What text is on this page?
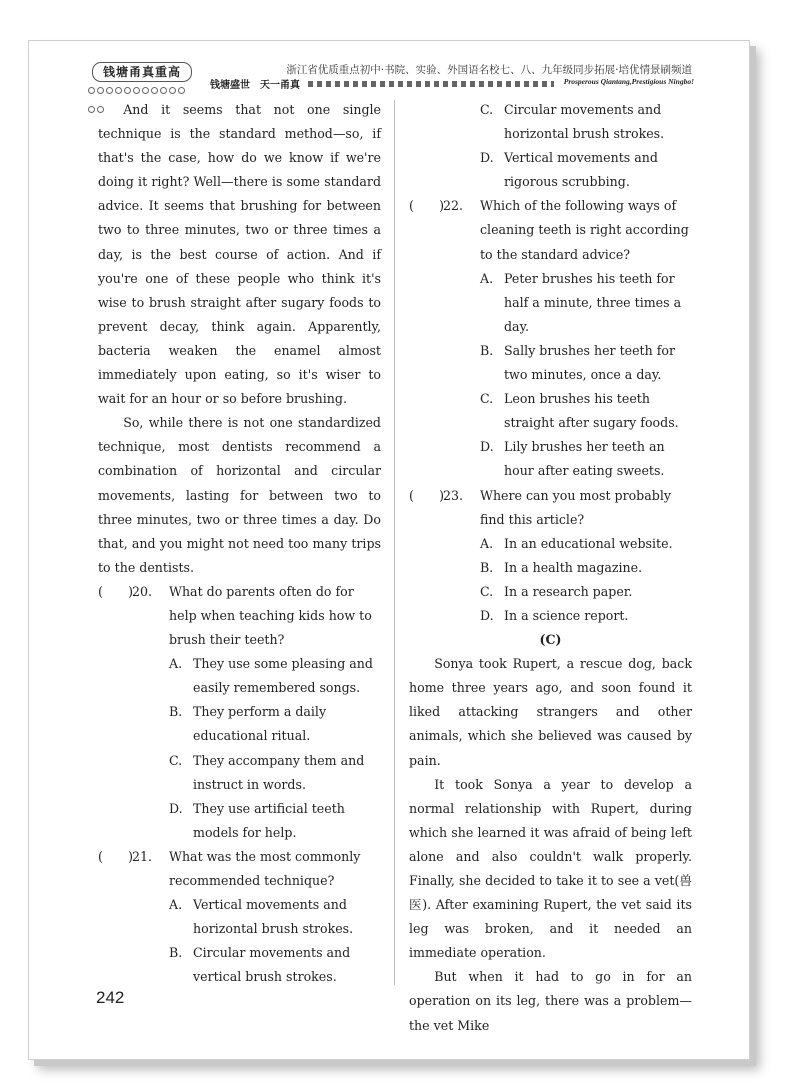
钱塘甬真重高	浙江省优质重点初中·书院、实验、外国语名校七、八、九年级同步拓展·培优情景刷频道
钱塘盛世　天一甬真	Prosperous Qiantang,Prestigious Ningbo!

And it seems that not one single technique is the standard method—so, if that's the case, how do we know if we're doing it right? Well—there is some standard advice. It seems that brushing for between two to three minutes, two or three times a day, is the best course of action. And if you're one of these people who think it's wise to brush straight after sugary foods to prevent decay, think again. Apparently, bacteria weaken the enamel almost immediately upon eating, so it's wiser to wait for an hour or so before brushing.

So, while there is not one standardized technique, most dentists recommend a combination of horizontal and circular movements, lasting for between two to three minutes, two or three times a day. Do that, and you might not need too many trips to the dentists.

(　　)
20. What do parents often do for help when teaching kids how to brush their teeth?

A. They use some pleasing and easily remembered songs.

B. They perform a daily educational ritual.

C. They accompany them and instruct in words.

D. They use artificial teeth models for help.

(　　)
21. What was the most commonly recommended technique?

A. Vertical movements and horizontal brush strokes.

B. Circular movements and vertical brush strokes.

C. Circular movements and horizontal brush strokes.

D. Vertical movements and rigorous scrubbing.

(　　)
22. Which of the following ways of cleaning teeth is right according to the standard advice?

A. Peter brushes his teeth for half a minute, three times a day.

B. Sally brushes her teeth for two minutes, once a day.

C. Leon brushes his teeth straight after sugary foods.

D. Lily brushes her teeth an hour after eating sweets.

(　　)
23. Where can you most probably find this article?

A. In an educational website.

B. In a health magazine.

C. In a research paper.

D. In a science report.

(C)

Sonya took Rupert, a rescue dog, back home three years ago, and soon found it liked attacking strangers and other animals, which she believed was caused by pain.

It took Sonya a year to develop a normal relationship with Rupert, during which she learned it was afraid of being left alone and also couldn't walk properly. Finally, she decided to take it to see a vet(兽医). After examining Rupert, the vet said its leg was broken, and it needed an immediate operation.

But when it had to go in for an operation on its leg, there was a problem—the vet Mike

242
